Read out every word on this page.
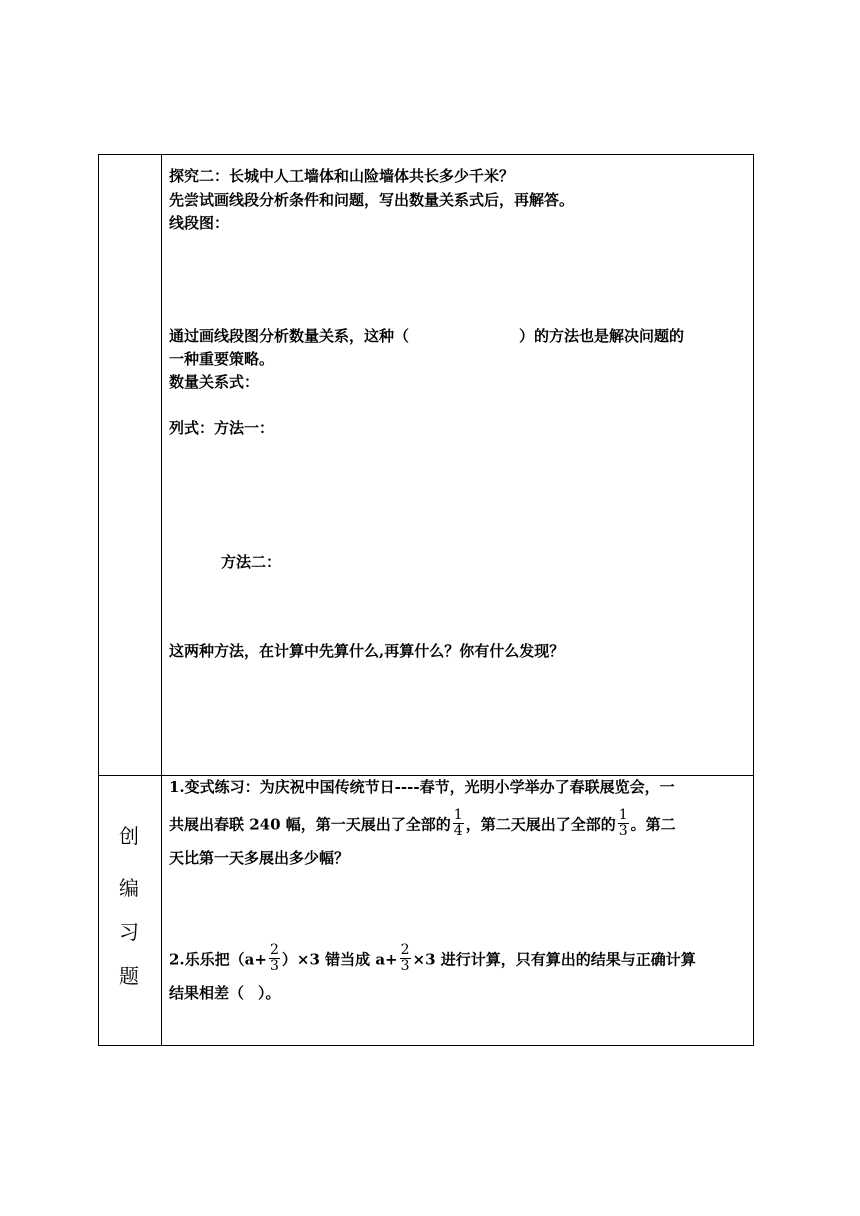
探究二：长城中人工墙体和山险墙体共长多少千米？
先尝试画线段分析条件和问题，写出数量关系式后，再解答。
线段图：
通过画线段图分析数量关系，这种（	）的方法也是解决问题的
一种重要策略。
数量关系式：
列式：方法一：
方法二：
这两种方法，在计算中先算什么,再算什么？你有什么发现？
创
编
习
题
1.变式练习：为庆祝中国传统节日----春节，光明小学举办了春联展览会，一
共展出春联 240 幅，第一天展出了全部的 $\frac{1}{4}$ ，第二天展出了全部的 $\frac{1}{3}$ 。第二
天比第一天多展出多少幅？
2.乐乐把$(a+ \frac{2}{3} )\times 3$ 错当成 $a+ \frac{2}{3} \times 3$ 进行计算，只有算出的结果与正确计算
结果相差（ ）。
